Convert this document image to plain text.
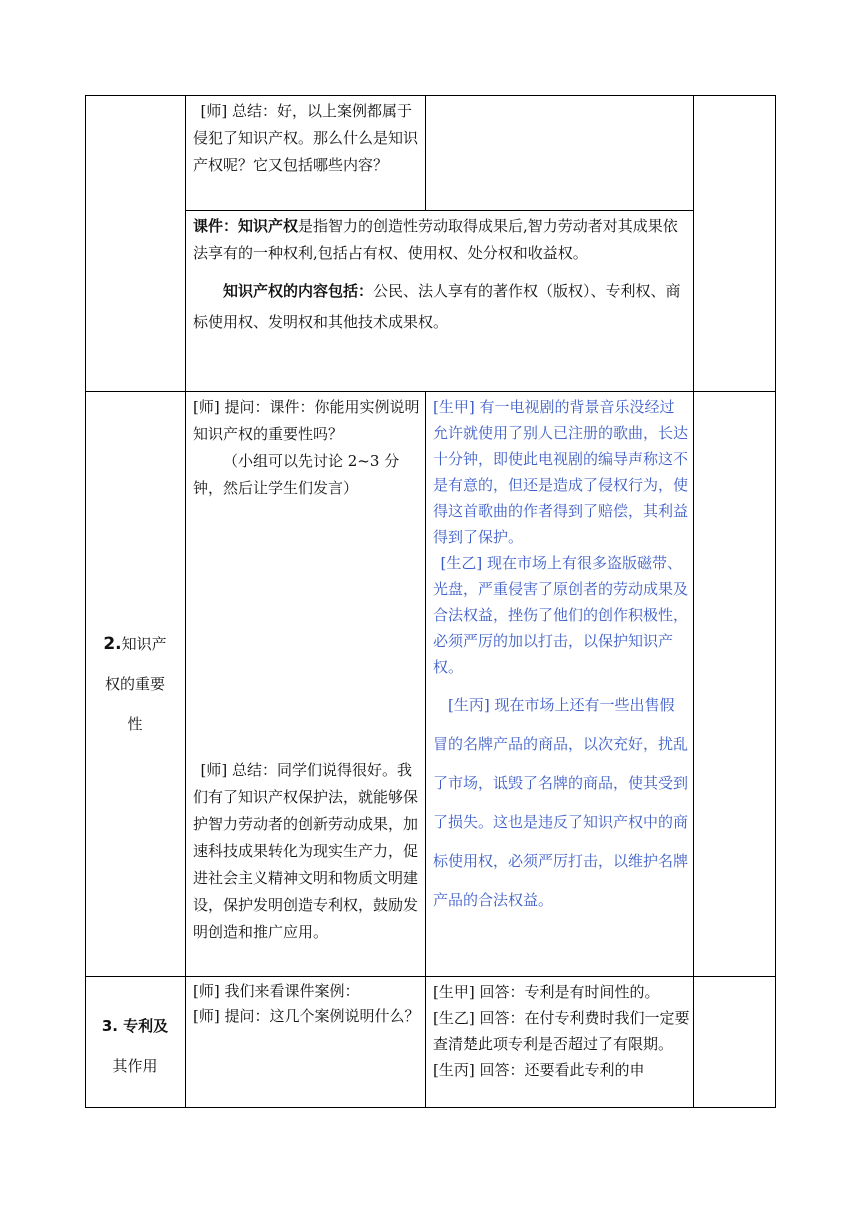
[师] 总结：好，以上案例都属于侵犯了知识产权。那么什么是知识产权呢？它又包括哪些内容？

课件：知识产权是指智力的创造性劳动取得成果后,智力劳动者对其成果依法享有的一种权利,包括占有权、使用权、处分权和收益权。

知识产权的内容包括：公民、法人享有的著作权（版权）、专利权、商标使用权、发明权和其他技术成果权。

2.知识产
权的重要
性

[师] 提问：课件：你能用实例说明知识产权的重要性吗？

（小组可以先讨论 2~3 分钟，然后让学生们发言）

[师] 总结：同学们说得很好。我们有了知识产权保护法，就能够保护智力劳动者的创新劳动成果，加速科技成果转化为现实生产力，促进社会主义精神文明和物质文明建设，保护发明创造专利权，鼓励发明创造和推广应用。

[生甲] 有一电视剧的背景音乐没经过允许就使用了别人已注册的歌曲，长达十分钟，即使此电视剧的编导声称这不是有意的，但还是造成了侵权行为，使得这首歌曲的作者得到了赔偿，其利益得到了保护。

[生乙] 现在市场上有很多盗版磁带、光盘，严重侵害了原创者的劳动成果及合法权益，挫伤了他们的创作积极性，必须严厉的加以打击，以保护知识产权。

[生丙] 现在市场上还有一些出售假冒的名牌产品的商品，以次充好，扰乱了市场，诋毁了名牌的商品，使其受到了损失。这也是违反了知识产权中的商标使用权，必须严厉打击，以维护名牌产品的合法权益。

3. 专利及
其作用

[师] 我们来看课件案例：

[师] 提问：这几个案例说明什么？

[生甲] 回答：专利是有时间性的。

[生乙] 回答：在付专利费时我们一定要查清楚此项专利是否超过了有限期。

[生丙] 回答：还要看此专利的申
